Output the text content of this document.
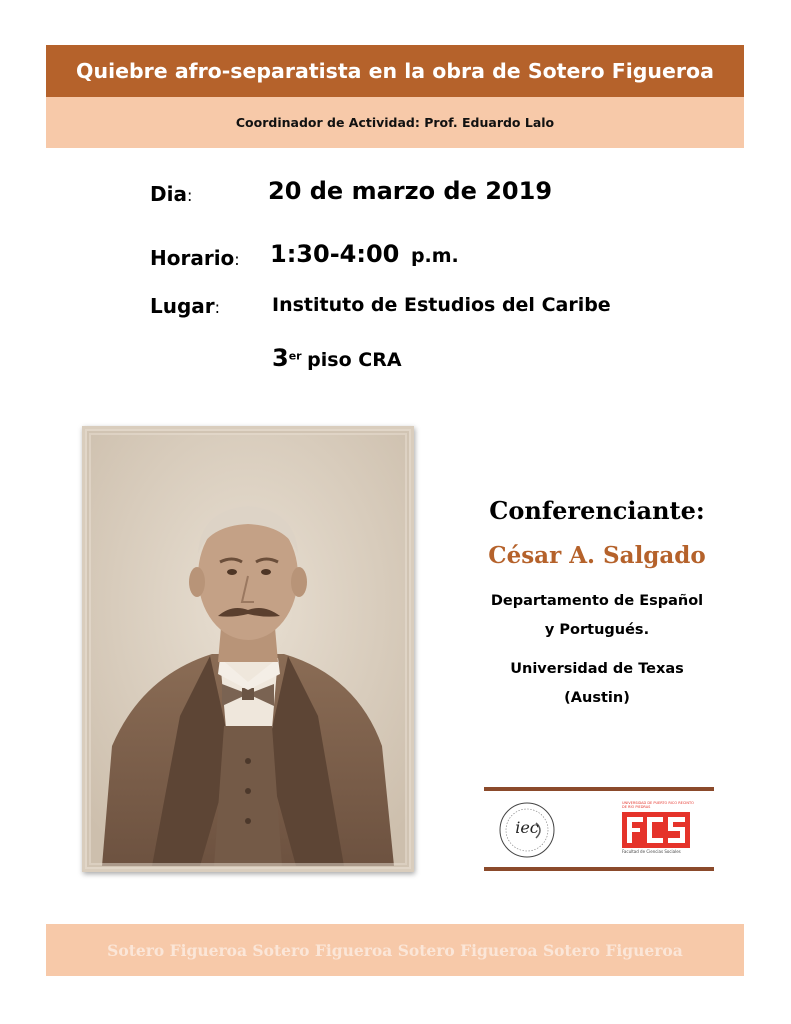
Quiebre afro-separatista en la obra de Sotero Figueroa
Coordinador de Actividad: Prof. Eduardo Lalo
Dia:	20 de marzo de 2019
Horario: 1:30-4:00 p.m.
Lugar:	Instituto de Estudios del Caribe
3er piso CRA
Conferenciante:
César A. Salgado
Departamento de Español
y Portugués.
Universidad de Texas
(Austin)
iec
UNIVERSIDAD DE PUERTO RICO RECINTO DE RÍO PIEDRAS
Facultad de Ciencias Sociales
Sotero Figueroa Sotero Figueroa Sotero Figueroa Sotero Figueroa
